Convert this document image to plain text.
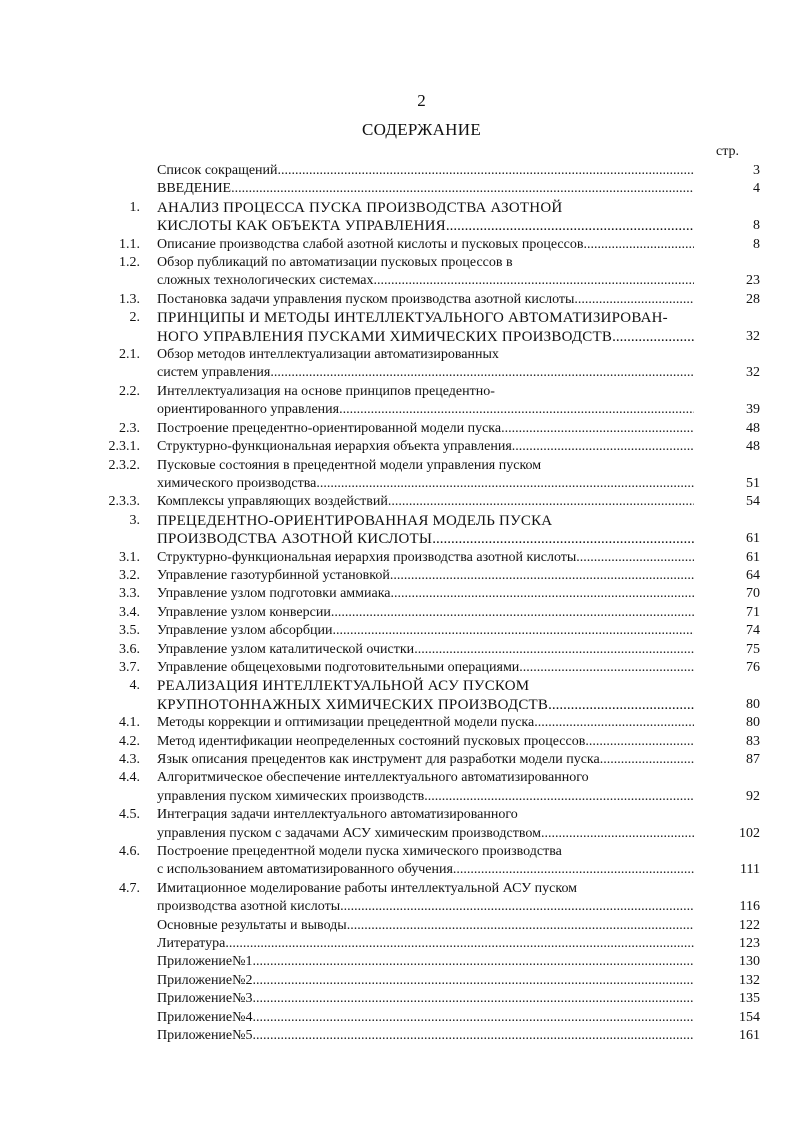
2
СОДЕРЖАНИЕ
стр.
Список сокращений .....	3
ВВЕДЕНИЕ .....	4
1.	АНАЛИЗ ПРОЦЕССА ПУСКА ПРОИЗВОДСТВА АЗОТНОЙ
КИСЛОТЫ КАК ОБЪЕКТА УПРАВЛЕНИЯ .....	8
1.1.	Описание производства слабой азотной кислоты и пусковых процессов .....	8
1.2.	Обзор публикаций по автоматизации пусковых процессов в
сложных технологических системах .....	23
1.3.	Постановка задачи управления пуском производства азотной кислоты .....	28
2.	ПРИНЦИПЫ И МЕТОДЫ ИНТЕЛЛЕКТУАЛЬНОГО АВТОМАТИЗИРОВАН-
НОГО УПРАВЛЕНИЯ ПУСКАМИ ХИМИЧЕСКИХ ПРОИЗВОДСТВ .....	32
2.1.	Обзор методов интеллектуализации автоматизированных
систем управления .....	32
2.2.	Интеллектуализация на основе принципов прецедентно-
ориентированного управления .....	39
2.3.	Построение прецедентно-ориентированной модели пуска .....	48
2.3.1.	Структурно-функциональная иерархия объекта управления .....	48
2.3.2.	Пусковые состояния в прецедентной модели управления пуском
химического производства .....	51
2.3.3.	Комплексы управляющих воздействий .....	54
3.	ПРЕЦЕДЕНТНО-ОРИЕНТИРОВАННАЯ МОДЕЛЬ ПУСКА
ПРОИЗВОДСТВА АЗОТНОЙ КИСЛОТЫ .....	61
3.1.	Структурно-функциональная иерархия производства азотной кислоты .....	61
3.2.	Управление газотурбинной установкой .....	64
3.3.	Управление узлом подготовки аммиака .....	70
3.4.	Управление узлом конверсии .....	71
3.5.	Управление узлом абсорбции .....	74
3.6.	Управление узлом каталитической очистки .....	75
3.7.	Управление общецеховыми подготовительными операциями .....	76
4.	РЕАЛИЗАЦИЯ ИНТЕЛЛЕКТУАЛЬНОЙ АСУ ПУСКОМ
КРУПНОТОННАЖНЫХ ХИМИЧЕСКИХ ПРОИЗВОДСТВ .....	80
4.1.	Методы коррекции и оптимизации прецедентной модели пуска .....	80
4.2.	Метод идентификации неопределенных состояний пусковых процессов .....	83
4.3.	Язык описания прецедентов как инструмент для разработки модели пуска .....	87
4.4.	Алгоритмическое обеспечение интеллектуального автоматизированного
управления пуском химических производств .....	92
4.5.	Интеграция задачи интеллектуального автоматизированного
управления пуском с задачами АСУ химическим производством .....	102
4.6.	Построение прецедентной модели пуска химического производства
с использованием автоматизированного обучения .....	111
4.7.	Имитационное моделирование работы интеллектуальной АСУ пуском
производства азотной кислоты .....	116
Основные результаты и выводы .....	122
Литература .....	123
Приложение№1 .....	130
Приложение№2 .....	132
Приложение№3 .....	135
Приложение№4 .....	154
Приложение№5 .....	161
